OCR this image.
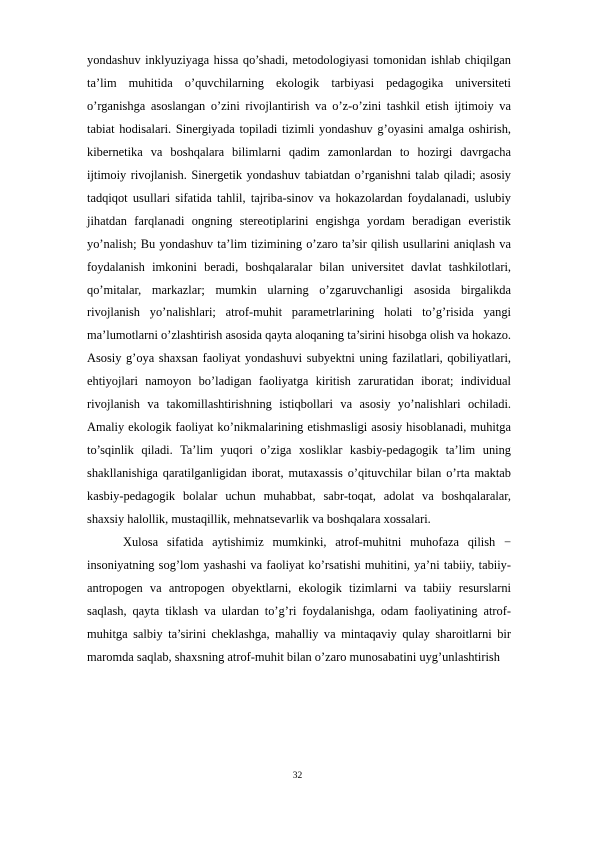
yondashuv inklyuziyaga hissa qo’shadi, metodologiyasi tomonidan ishlab chiqilgan ta’lim muhitida o’quvchilarning ekologik tarbiyasi pedagogika universiteti o’rganishga asoslangan o’zini rivojlantirish va o’z-o’zini tashkil etish ijtimoiy va tabiat hodisalari. Sinergiyada topiladi tizimli yondashuv g’oyasini amalga oshirish, kibernetika va boshqalara bilimlarni qadim zamonlardan to hozirgi davrgacha ijtimoiy rivojlanish. Sinergetik yondashuv tabiatdan o’rganishni talab qiladi; asosiy tadqiqot usullari sifatida tahlil, tajriba-sinov va hokazolardan foydalanadi, uslubiy jihatdan farqlanadi ongning stereotiplarini engishga yordam beradigan everistik yo’nalish; Bu yondashuv ta’lim tizimining o’zaro ta’sir qilish usullarini aniqlash va foydalanish imkonini beradi, boshqalaralar bilan universitet davlat tashkilotlari, qo’mitalar, markazlar; mumkin ularning o’zgaruvchanligi asosida birgalikda rivojlanish yo’nalishlari; atrof-muhit parametrlarining holati to’g’risida yangi ma’lumotlarni o’zlashtirish asosida qayta aloqaning ta’sirini hisobga olish va hokazo. Asosiy g’oya shaxsan faoliyat yondashuvi subyektni uning fazilatlari, qobiliyatlari, ehtiyojlari namoyon bo’ladigan faoliyatga kiritish zaruratidan iborat; individual rivojlanish va takomillashtirishning istiqbollari va asosiy yo’nalishlari ochiladi. Amaliy ekologik faoliyat ko’nikmalarining etishmasligi asosiy hisoblanadi, muhitga to’sqinlik qiladi. Ta’lim yuqori o’ziga xosliklar kasbiy-pedagogik ta’lim uning shakllanishiga qaratilganligidan iborat, mutaxassis o’qituvchilar bilan o’rta maktab kasbiy-pedagogik bolalar uchun muhabbat, sabr-toqat, adolat va boshqalaralar, shaxsiy halollik, mustaqillik, mehnatsevarlik va boshqalara xossalari.

Xulosa sifatida aytishimiz mumkinki, atrof-muhitni muhofaza qilish − insoniyatning sog’lom yashashi va faoliyat ko’rsatishi muhitini, ya’ni tabiiy, tabiiy-antropogen va antropogen obyektlarni, ekologik tizimlarni va tabiiy resurslarni saqlash, qayta tiklash va ulardan to’g’ri foydalanishga, odam faoliyatining atrof-muhitga salbiy ta’sirini cheklashga, mahalliy va mintaqaviy qulay sharoitlarni bir maromda saqlab, shaxsning atrof-muhit bilan o’zaro munosabatini uyg’unlashtirish

32
